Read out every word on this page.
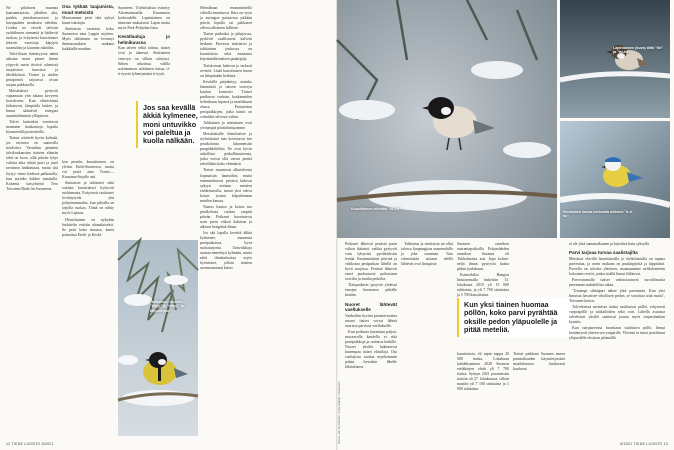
Ne pilottavat muonaa kaarnanraoista, jäkälien alta, puiden pintakasvustoon ja havupuiden neulasten väleihin. Lisäksi ne etsivät talvisin syödäkseen siemeniä ja kätkevät ruokaa, ja erityisesti kuusitiaiset tekevät varastoja käpyjen suomuihin ja kaarnan rakoihin.

Talvi-iltaan hämäryyssä näinä aikoina muut pienet linnut yöpyvät usein tiiviisti ryhmissä suojaisissa kuusissa ja tiheikköissä. Tiaiset ja niiden pesäpöntöt tarjoavat oivan suojan pakkasella.

Metsätiaiset pystyvät vajaamaan yön aikana kevyeen horrokseen. Kun elimistönsä hidastuvat, lämpötila laskee, ja linnut säästävät energiaa ruumiinlämmön ylläpitoon.

Talvet kuitenkin verottavat maamme tiaiskantoja lopulta kymmenillä prosenteilla.

Tiaiset siirtävät hyvin kylmää, jos ravintoa on saatavilla riittävästi. Varsinkin pimeinä talvikuukausina tiaisten elämän tahti on kova, sillä päivän lyhyt valoisa aika riittää juuri ja juuri ravinnon hankintaan, mutta sitä löytyy viime kädessä pakkasella, kun aurinko kulkee matalalla. Kokenut tiaisyhteisö Tero Toivanen Birdi.fin Suomessa.

Osa tykkää taajamista, muut metsistä

Maassamme pesii tätä nykyä kuusi tiaislajia.

Sinitiaista tavataan koko Suomessa aina Lappia myöten. Myös talitiainen on levinnyt ihmisasutuksen mukana kaikkialle maahan.

Jos saa kevällä äkkiä kylmenee, moni untuvikko voi paleltua ja kuolla nälkään.

kon pieniin, kuusitiainen, on yleisin Etelä-Suomessa, mutta voi pesiä aina Tornio—Kuusamo-linjalle asti.

Sinitiaiset ja talitiaiset sekä osittain kuusitiaiset hyötyvät ruokinnasta. Erityisesti sinitiaiset levittäytyvät yhä pohjoisemmaksi, kun pihoilla on tarjolla ruokaa. Tämä on nähty myös Lapissa.

Hömötiainen on nykyään luokiteltu erittäin uhanalaiseksi. Se pesii koko maassa, kanta painottuu Etelä- ja Keski-

Suomeen. Töyhtötiaisia esiintyy Ahvenanmaalla Kuusamon korkeudelle. Lapintiainen on nimensä mukaisesti Lapin mutta myös Perä-Pohjolan lintu.

Kevätlauluja jo helmikuussa

Kun talven selkä taittuu, tiaiset ovat jo äänessä. Sinitiainen viserryn on silloin siirtynyt. Siihen sekoittuu välillä soitinmenon talitiaisen tuttua, ti-ti-tyystä lyhentymänä ti-tyytä.

Helmikuun ensimmäisellä viikolla muuttuvat. Ilma on vyyn ja auringon paistaessa pitkään päivin lopulla tai pakkasen ollessa alhainen hillitsee.

Tiaiset puiksiksi jo pihajoissa, pyrkivät osallistuvat kalvein hetkeen. Parvessa sinitiaiset ja talitiaisten joukossa on kuusitiaisia sekä muutama käyrämökkimäisen puukiipijä.

Tiaiskoiraat hakevat jo tarkasti reviiriä. Lisää kuusitiaisen huom on lämpimään hetkistä.

Keväällä pärjääntyy, aurinko lämmittää ja tiaisen viserryn kuuluu konsertti. Tiaiset parikuvat varhain, koskimaiden helmikuun lopussa ja maaliskuun alussa. Pariasettuu pesäpaikkojen, jotka toimii on valmiiksi talvesta valitut.

Talitiainen ja sinitiainen ovat yleisimpiä pönttölintujamme.

Metsätiaisille hömötiaiset ja töyhtötiaiset taas kovertavat itse pesäkolonsa lahonneisiin puupökkelöihin. Ne ovat hyvin uskollisia paikallisuuteensa, jotka voivat olla varsin pieniä talvellakin koko elämänsä.

Tiaiset muuttavat alkutalvesta hajanaisiin laumoihin, mutta ensimmäisessä pesässä kuluvat syksyn mittaan metsien eteläreunoilla, missä yksi vahva koiras joutuu kilpailemaan muiden kanssa.

Naaras hautoo ja koiras tuo pesäkolosta ruokaa ympäri päivän. Poikaset kuoriutuvat noin parin viikon kuluttua ja alkavat hengittää ilmaa.

Jos sää lopulla kevättä äkkiä kylmenee, maaseuta pesäpaikoissa hyvä ruokatarjonta. Untuvikkoja saattaa menehtyä kylmään, mutta niitä ilmakarkottaa myös hyönteiset, jolloin tiaisten ravinnonsaanti kärsii.

Talitiainen, sininen "tiltyy" ja "titityy" ja kirjosieppo.
12 TIEDE LUONTO 8/2021
Lapintiainen (kuva) tiiltti "titi" ja "tsi-tsi".
Kuusitiainen viheltää "tit-iuy".
Sinitiainen laulaa korkealla helisten "ti-ti-tsi".
Kuvat: Jan Nordström, Juha Sääski / Vastavalo

Poikaset lähtevät pesästä parin viikon ikäisinä, vaikka pystyvät vain lyhyisiin pyrähdyksiin lentää. Ensimmäisinä päivinä ja viikkoina pesäpaikan lähellä on hyvä suojassa. Pesästä lähtevät emot puolustavat poikasiaan oravilta ja muilta pedoilta.

Tiaispoikaset pysyvät yhdessä emojen huomassa pitkälle kesään.

Nuoret lähtevät vaellukselle

Vanhoihin hyvinä pesimävuosina nuoret tiaiset voivat lähteä suurissa parvissa vaellukselle.

Kun poikasia kuoriutuu paljon, seuraavalla kaudella ei riitä pesäpaikkoja ja ravintoa kaikille. Nuoret yksilöt hakeutuvat kauempaa tiaiset elintiloja. Osa vaeltajista saattaa myöhemmin palata hyvinkin lähelle lähtöalueen.

Talitiaisia ja sinitiaisia on ollut talossa kaupungissa maaseudulle ja joka suuntaan. Taas viimeistään taivaan edellä lähtevät ovat lintupiste.

Suomen rannikon suurantapaikoilla Pohjanlahden rannikon Suomea eli Tukholmasta asti. Jopa kolme-neljä ilman pystyvää tiaista pitkin joulukuun.

Esimerkiksi Hangon lintuasemalla laskettiin 13. lokakuuta 2019 yli 15 000 talitiaista, ja yli 7 700 sinitiaista ja 5 700 kuusitiaista.

Kun yksi tiainen huomaa pöllön, koko parvi pyrähtää oksille pedon yläpuolelle ja pitää meteliä.

kuusitiaisia, eli nipin nappa 20 000 tiaista. Lokakuun kahdeksantena 2020 Suomen eteläkärjen ohitti yli 7 700 tiaista. Syksyn 2021 parastaisiin tiaisiin oli 27. lokakuussa, silloin mastiin yli 7 100 sinitiaista ja 1 900 talitiaista.

Tiaiset paikkaat Suomen ennen pesimäkauden käynnistymistä maaliskuussa luultavasti kuuluvat.

ei ole yhtä samanaikainen ja käyttävä kuin syksyllä.

Parvi tarjoaa turvaa saalistajilta

Metsässä elävillä hömötiaisilla ja töyhtötiaisilla on tapana parveutua, ja usein mukana on puukiipijöitä ja hippiäisiä. Parvella on talvisin yhteinen, maamaamme nelikilometrin kokoinen reviiri, jonka sisällä linnut liikkuvat.

Parveutumalla tiaiset valmistautuvat turvallisuutta paremmin mahdollista aikaa.

"Useampi silmäpari näkee yhtä paremmin. Kun yksi lintuista havaitsee vihollisen pedon, se varoittaa siitä muita", Toivanen kertoo.

Talvehtiessa metsässä tiaisia saalistavat pöllöt, erityisesti varpuspöllö ja sääksilöiden sekä ovat. Lähellä asutusta talvehtivat yksilöt saattavat joutua myös varpushaukan kynsiin.

Kun tiaisparvessa havaitaan saalistava pöllö, linnut kerääntyvät yhteen sen ympärille. Yleensä se innoi petolinnut yläpuolelle oksiston pitämällä

8/2021 TIEDE LUONTO 13
